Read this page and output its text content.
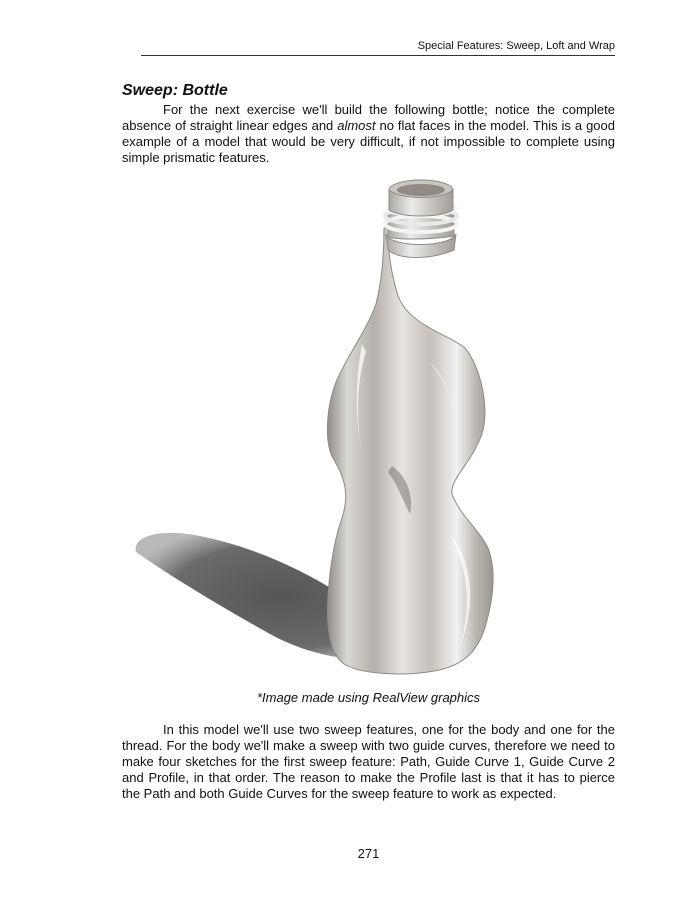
Special Features: Sweep, Loft and Wrap
Sweep: Bottle

For the next exercise we'll build the following bottle; notice the complete absence of straight linear edges and almost no flat faces in the model. This is a good example of a model that would be very difficult, if not impossible to complete using simple prismatic features.

*Image made using RealView graphics

In this model we'll use two sweep features, one for the body and one for the thread. For the body we'll make a sweep with two guide curves, therefore we need to make four sketches for the first sweep feature: Path, Guide Curve 1, Guide Curve 2 and Profile, in that order. The reason to make the Profile last is that it has to pierce the Path and both Guide Curves for the sweep feature to work as expected.

271
